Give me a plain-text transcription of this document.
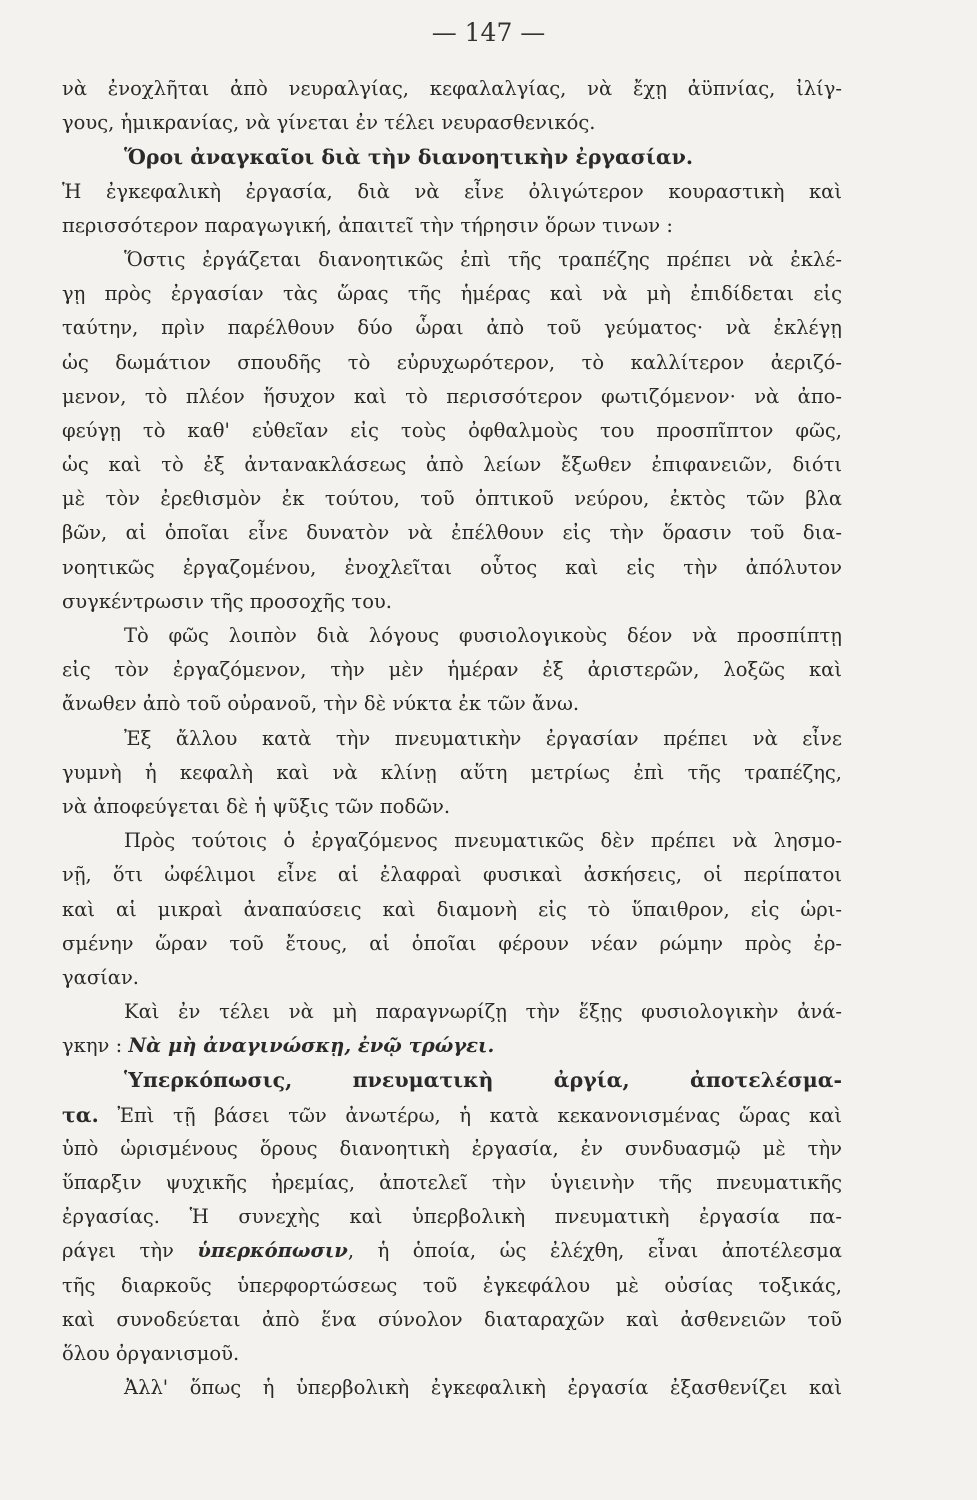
— 147 —
νὰ ἐνοχλῆται ἀπὸ νευραλγίας, κεφαλαλγίας, νὰ ἔχῃ ἀϋπνίας, ἰλίγ-
γους, ἡμικρανίας, νὰ γίνεται ἐν τέλει νευρασθενικός.
Ὅροι ἀναγκαῖοι διὰ τὴν διανοητικὴν ἐργασίαν.
Ἡ ἐγκεφαλικὴ ἐργασία, διὰ νὰ εἶνε ὀλιγώτερον κουραστικὴ καὶ
περισσότερον παραγωγική, ἀπαιτεῖ τὴν τήρησιν ὅρων τινων :
Ὅστις ἐργάζεται διανοητικῶς ἐπὶ τῆς τραπέζης πρέπει νὰ ἐκλέ-
γῃ πρὸς ἐργασίαν τὰς ὥρας τῆς ἡμέρας καὶ νὰ μὴ ἐπιδίδεται εἰς
ταύτην, πρὶν παρέλθουν δύο ὧραι ἀπὸ τοῦ γεύματος· νὰ ἐκλέγῃ
ὡς δωμάτιον σπουδῆς τὸ εὐρυχωρότερον, τὸ καλλίτερον ἀεριζό-
μενον, τὸ πλέον ἥσυχον καὶ τὸ περισσότερον φωτιζόμενον· νὰ ἀπο-
φεύγῃ τὸ καθ' εὐθεῖαν εἰς τοὺς ὀφθαλμοὺς του προσπῖπτον φῶς,
ὡς καὶ τὸ ἐξ ἀντανακλάσεως ἀπὸ λείων ἔξωθεν ἐπιφανειῶν, διότι
μὲ τὸν ἐρεθισμὸν ἐκ τούτου, τοῦ ὀπτικοῦ νεύρου, ἐκτὸς τῶν βλα
βῶν, αἱ ὁποῖαι εἶνε δυνατὸν νὰ ἐπέλθουν εἰς τὴν ὅρασιν τοῦ δια-
νοητικῶς ἐργαζομένου, ἐνοχλεῖται οὗτος καὶ εἰς τὴν ἀπόλυτον
συγκέντρωσιν τῆς προσοχῆς του.
Τὸ φῶς λοιπὸν διὰ λόγους φυσιολογικοὺς δέον νὰ προσπίπτῃ
εἰς τὸν ἐργαζόμενον, τὴν μὲν ἡμέραν ἐξ ἀριστερῶν, λοξῶς καὶ
ἄνωθεν ἀπὸ τοῦ οὐρανοῦ, τὴν δὲ νύκτα ἐκ τῶν ἄνω.
Ἐξ ἄλλου κατὰ τὴν πνευματικὴν ἐργασίαν πρέπει νὰ εἶνε
γυμνὴ ἡ κεφαλὴ καὶ νὰ κλίνῃ αὕτη μετρίως ἐπὶ τῆς τραπέζης,
νὰ ἀποφεύγεται δὲ ἡ ψῦξις τῶν ποδῶν.
Πρὸς τούτοις ὁ ἐργαζόμενος πνευματικῶς δὲν πρέπει νὰ λησμο-
νῇ, ὅτι ὠφέλιμοι εἶνε αἱ ἐλαφραὶ φυσικαὶ ἀσκήσεις, οἱ περίπατοι
καὶ αἱ μικραὶ ἀναπαύσεις καὶ διαμονὴ εἰς τὸ ὕπαιθρον, εἰς ὡρι-
σμένην ὥραν τοῦ ἔτους, αἱ ὁποῖαι φέρουν νέαν ρώμην πρὸς ἐρ-
γασίαν.
Καὶ ἐν τέλει νὰ μὴ παραγνωρίζῃ τὴν ἕξῃς φυσιολογικὴν ἀνά-
γκην : Νὰ μὴ ἀναγινώσκῃ, ἐνῷ τρώγει.
Ὑπερκόπωσις, πνευματικὴ ἀργία, ἀποτελέσμα-
τα. Ἐπὶ τῇ βάσει τῶν ἀνωτέρω, ἡ κατὰ κεκανονισμένας ὥρας καὶ
ὑπὸ ὡρισμένους ὅρους διανοητικὴ ἐργασία, ἐν συνδυασμῷ μὲ τὴν
ὕπαρξιν ψυχικῆς ἠρεμίας, ἀποτελεῖ τὴν ὑγιεινὴν τῆς πνευματικῆς
ἐργασίας. Ἡ συνεχὴς καὶ ὑπερβολικὴ πνευματικὴ ἐργασία πα-
ράγει τὴν ὑπερκόπωσιν, ἡ ὁποία, ὡς ἐλέχθη, εἶναι ἀποτέλεσμα
τῆς διαρκοῦς ὑπερφορτώσεως τοῦ ἐγκεφάλου μὲ οὐσίας τοξικάς,
καὶ συνοδεύεται ἀπὸ ἕνα σύνολον διαταραχῶν καὶ ἀσθενειῶν τοῦ
ὅλου ὀργανισμοῦ.
Ἀλλ' ὅπως ἡ ὑπερβολικὴ ἐγκεφαλικὴ ἐργασία ἐξασθενίζει καὶ
